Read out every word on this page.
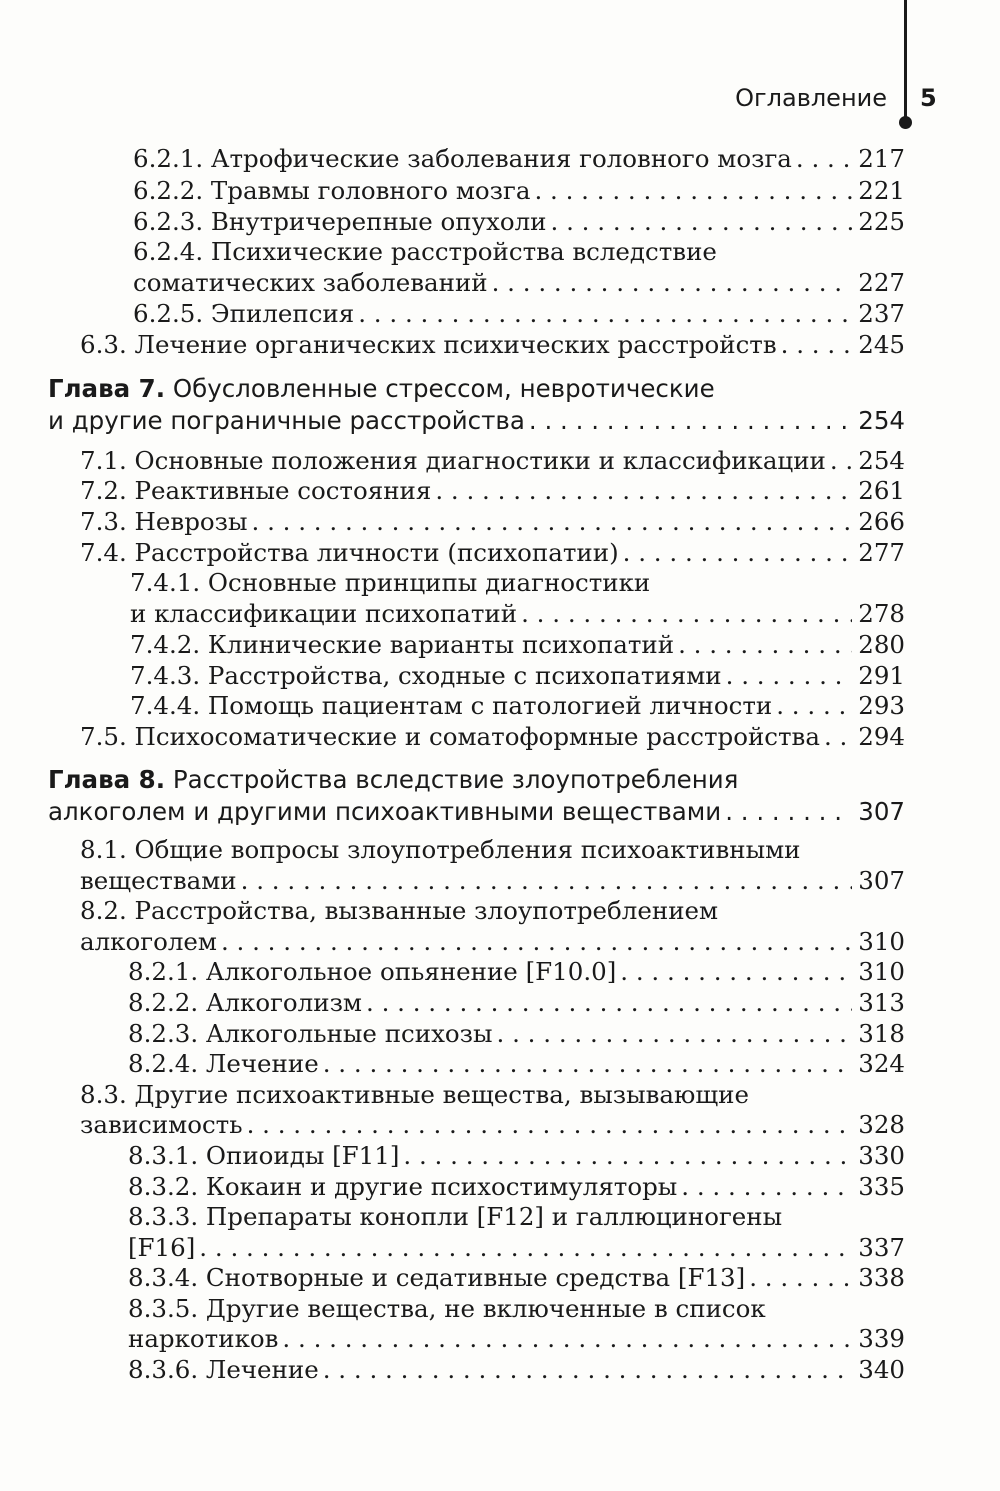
Оглавление 5
6.2.1. Атрофические заболевания головного мозга . . .	217
6.2.2. Травмы головного мозга . . .	221
6.2.3. Внутричерепные опухоли . . .	225
6.2.4. Психические расстройства вследствие
соматических заболеваний . . .	227
6.2.5. Эпилепсия . . .	237
6.3. Лечение органических психических расстройств . . .	245
Глава 7. Обусловленные стрессом, невротические
и другие пограничные расстройства . . .	254
7.1. Основные положения диагностики и классификации . . . 254
7.2. Реактивные состояния . . .	261
7.3. Неврозы . . .	266
7.4. Расстройства личности (психопатии) . . .	277
7.4.1. Основные принципы диагностики
и классификации психопатий . . .	278
7.4.2. Клинические варианты психопатий . . .	280
7.4.3. Расстройства, сходные с психопатиями . . .	291
7.4.4. Помощь пациентам с патологией личности . . .	293
7.5. Психосоматические и соматоформные расстройства . . . 294
Глава 8. Расстройства вследствие злоупотребления
алкоголем и другими психоактивными веществами . . .	307
8.1. Общие вопросы злоупотребления психоактивными
веществами . . .	307
8.2. Расстройства, вызванные злоупотреблением
алкоголем . . .	310
8.2.1. Алкогольное опьянение [F10.0] . . .	310
8.2.2. Алкоголизм . . .	313
8.2.3. Алкогольные психозы . . .	318
8.2.4. Лечение . . .	324
8.3. Другие психоактивные вещества, вызывающие
зависимость . . .	328
8.3.1. Опиоиды [F11] . . .	330
8.3.2. Кокаин и другие психостимуляторы . . .	335
8.3.3. Препараты конопли [F12] и галлюциногены
[F16] . . .	337
8.3.4. Снотворные и седативные средства [F13] . . .	338
8.3.5. Другие вещества, не включенные в список
наркотиков . . .	339
8.3.6. Лечение . . .	340
